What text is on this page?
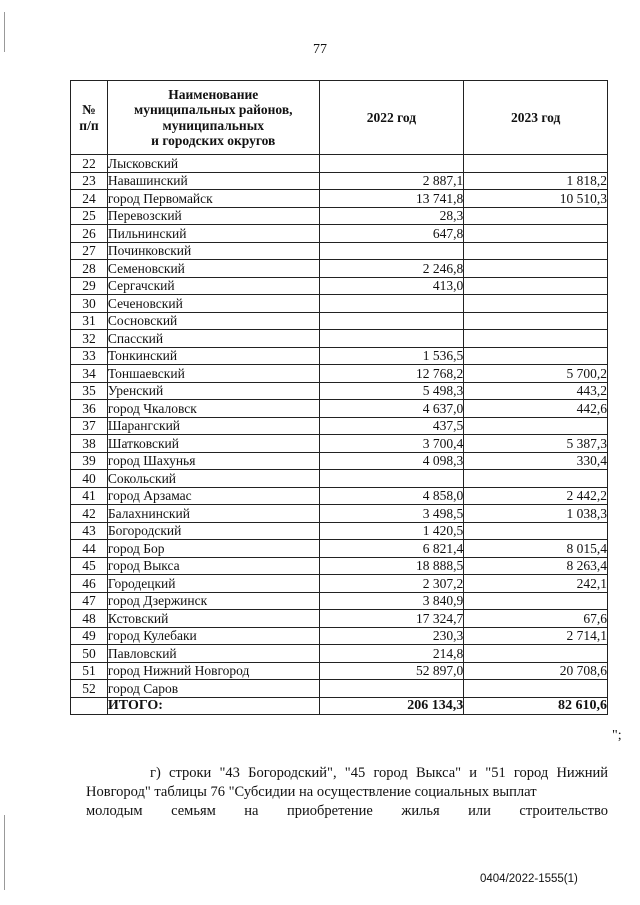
77
№
п/п	Наименование
муниципальных районов,
муниципальных
и городских округов	2022 год	2023 год
22	Лысковский		
23	Навашинский	2 887,1	1 818,2
24	город Первомайск	13 741,8	10 510,3
25	Перевозский	28,3	
26	Пильнинский	647,8	
27	Починковский		
28	Семеновский	2 246,8	
29	Сергачский	413,0	
30	Сеченовский		
31	Сосновский		
32	Спасский		
33	Тонкинский	1 536,5	
34	Тоншаевский	12 768,2	5 700,2
35	Уренский	5 498,3	443,2
36	город Чкаловск	4 637,0	442,6
37	Шарангский	437,5	
38	Шатковский	3 700,4	5 387,3
39	город Шахунья	4 098,3	330,4
40	Сокольский		
41	город Арзамас	4 858,0	2 442,2
42	Балахнинский	3 498,5	1 038,3
43	Богородский	1 420,5	
44	город Бор	6 821,4	8 015,4
45	город Выкса	18 888,5	8 263,4
46	Городецкий	2 307,2	242,1
47	город Дзержинск	3 840,9	
48	Кстовский	17 324,7	67,6
49	город Кулебаки	230,3	2 714,1
50	Павловский	214,8	
51	город Нижний Новгород	52 897,0	20 708,6
52	город Саров		
	ИТОГО:	206 134,3	82 610,6
";
г) строки "43 Богородский", "45 город Выкса" и "51 город Нижний Новгород" таблицы 76 "Субсидии на осуществление социальных выплат
молодым семьям на приобретение жилья или строительство
0404/2022-1555(1)
